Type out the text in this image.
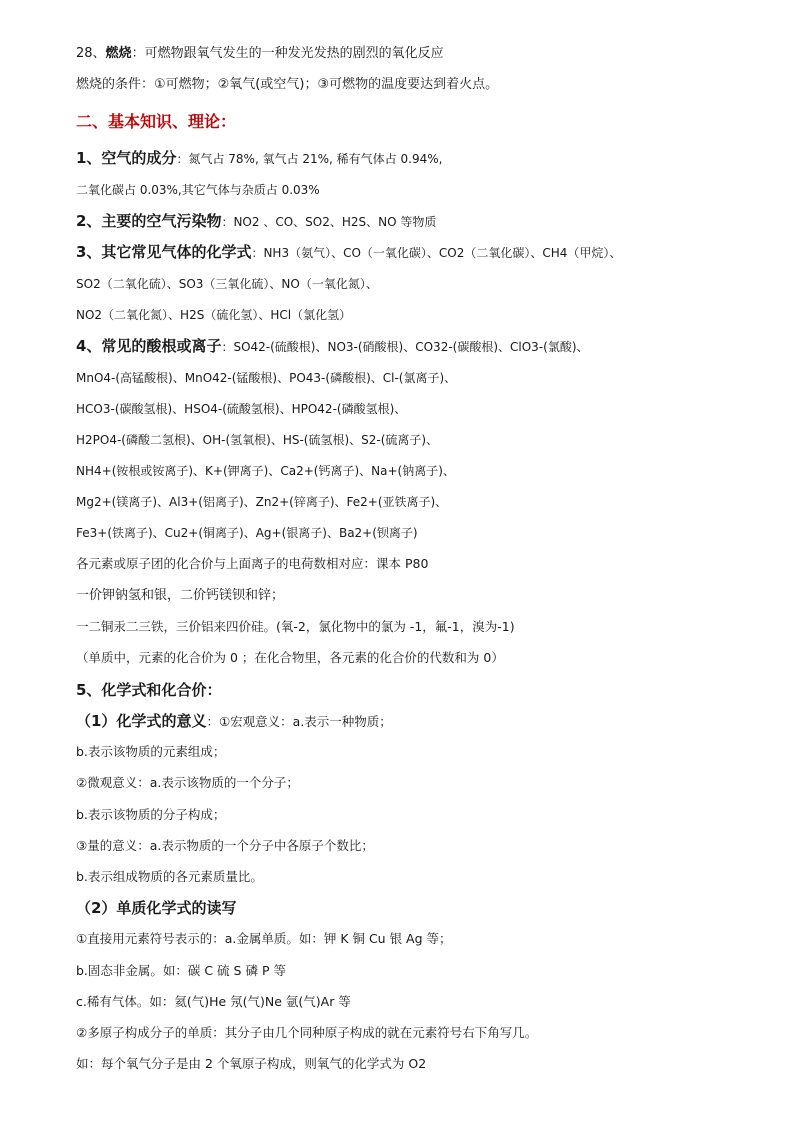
28、燃烧：可燃物跟氧气发生的一种发光发热的剧烈的氧化反应
燃烧的条件：①可燃物；②氧气(或空气)；③可燃物的温度要达到着火点。
二、基本知识、理论：
1、空气的成分：氮气占 78%, 氧气占 21%, 稀有气体占 0.94%,
二氧化碳占 0.03%,其它气体与杂质占 0.03%
2、主要的空气污染物：NO2 、CO、SO2、H2S、NO 等物质
3、其它常见气体的化学式：NH3（氨气）、CO（一氧化碳）、CO2（二氧化碳）、CH4（甲烷）、
SO2（二氧化硫）、SO3（三氧化硫）、NO（一氧化氮）、
NO2（二氧化氮）、H2S（硫化氢）、HCl（氯化氢）
4、常见的酸根或离子：SO42-(硫酸根)、NO3-(硝酸根)、CO32-(碳酸根)、ClO3-(氯酸)、
MnO4-(高锰酸根)、MnO42-(锰酸根)、PO43-(磷酸根)、Cl-(氯离子)、
HCO3-(碳酸氢根)、HSO4-(硫酸氢根)、HPO42-(磷酸氢根)、
H2PO4-(磷酸二氢根)、OH-(氢氧根)、HS-(硫氢根)、S2-(硫离子)、
NH4+(铵根或铵离子)、K+(钾离子)、Ca2+(钙离子)、Na+(钠离子)、
Mg2+(镁离子)、Al3+(铝离子)、Zn2+(锌离子)、Fe2+(亚铁离子)、
Fe3+(铁离子)、Cu2+(铜离子)、Ag+(银离子)、Ba2+(钡离子)
各元素或原子团的化合价与上面离子的电荷数相对应：课本 P80
一价钾钠氢和银，二价钙镁钡和锌；
一二铜汞二三铁，三价铝来四价硅。(氧-2，氯化物中的氯为 -1，氟-1，溴为-1)
（单质中，元素的化合价为 0 ；在化合物里，各元素的化合价的代数和为 0）
5、化学式和化合价：
（1）化学式的意义：①宏观意义：a.表示一种物质；
b.表示该物质的元素组成；
②微观意义：a.表示该物质的一个分子；
b.表示该物质的分子构成；
③量的意义：a.表示物质的一个分子中各原子个数比；
b.表示组成物质的各元素质量比。
（2）单质化学式的读写
①直接用元素符号表示的：a.金属单质。如：钾 K 铜 Cu 银 Ag 等；
b.固态非金属。如：碳 C 硫 S 磷 P 等
c.稀有气体。如：氦(气)He 氖(气)Ne 氩(气)Ar 等
②多原子构成分子的单质：其分子由几个同种原子构成的就在元素符号右下角写几。
如：每个氧气分子是由 2 个氧原子构成，则氧气的化学式为 O2
